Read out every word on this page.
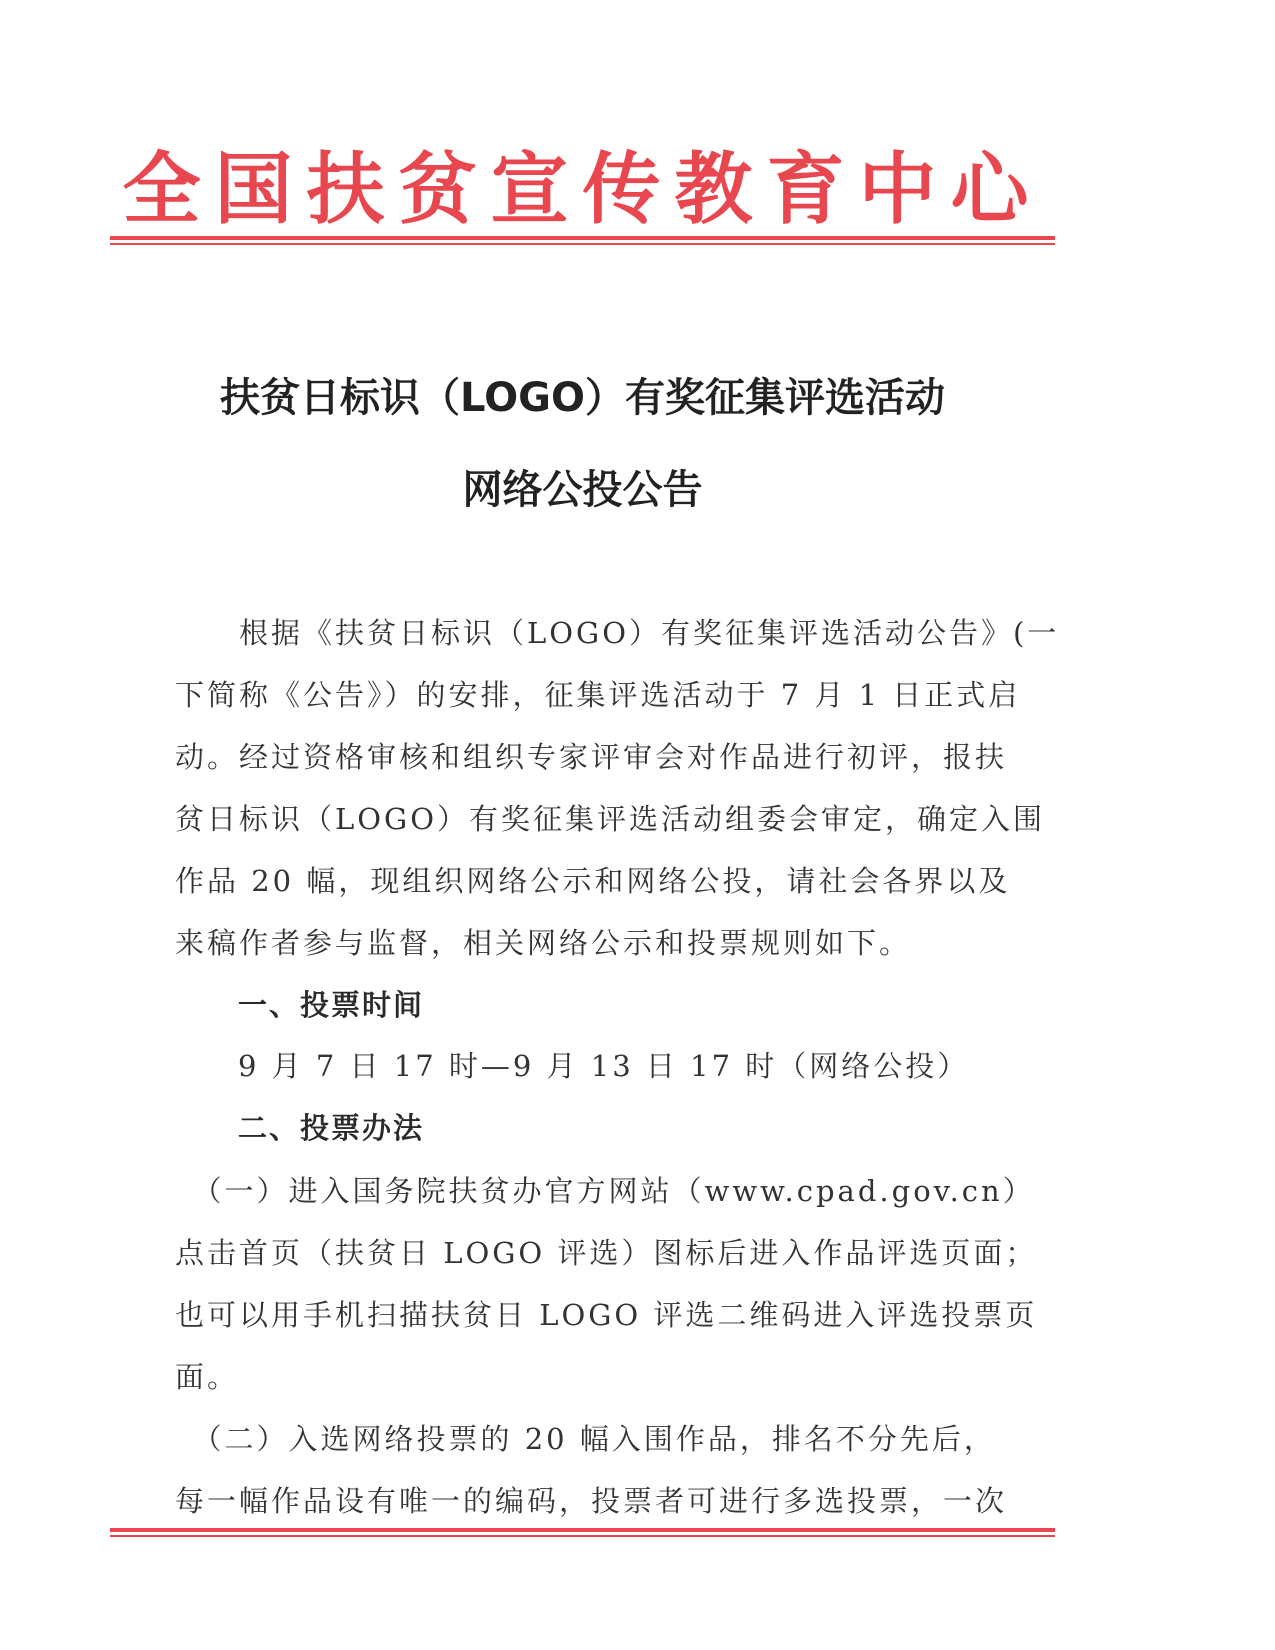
全国扶贫宣传教育中心
扶贫日标识（LOGO）有奖征集评选活动
网络公投公告
　　根据《扶贫日标识（LOGO）有奖征集评选活动公告》(一
下简称《公告》）的安排，征集评选活动于 7 月 1 日正式启
动。经过资格审核和组织专家评审会对作品进行初评，报扶
贫日标识（LOGO）有奖征集评选活动组委会审定，确定入围
作品 20 幅，现组织网络公示和网络公投，请社会各界以及
来稿作者参与监督，相关网络公示和投票规则如下。
一、投票时间
9 月 7 日 17 时—9 月 13 日 17 时（网络公投）
二、投票办法
　（一）进入国务院扶贫办官方网站（www.cpad.gov.cn）
点击首页（扶贫日 LOGO 评选）图标后进入作品评选页面；
也可以用手机扫描扶贫日 LOGO 评选二维码进入评选投票页
面。
　（二）入选网络投票的 20 幅入围作品，排名不分先后，
每一幅作品设有唯一的编码，投票者可进行多选投票，一次
